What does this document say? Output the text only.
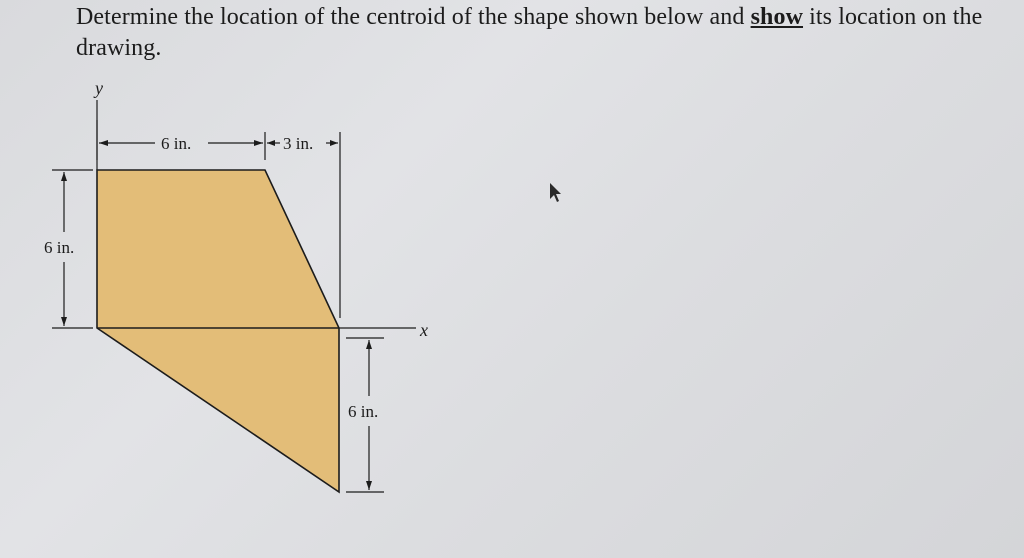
Determine the location of the centroid of the shape shown below and show its location on the drawing.

x
y
6 in.	3 in.
6 in.
6 in.
